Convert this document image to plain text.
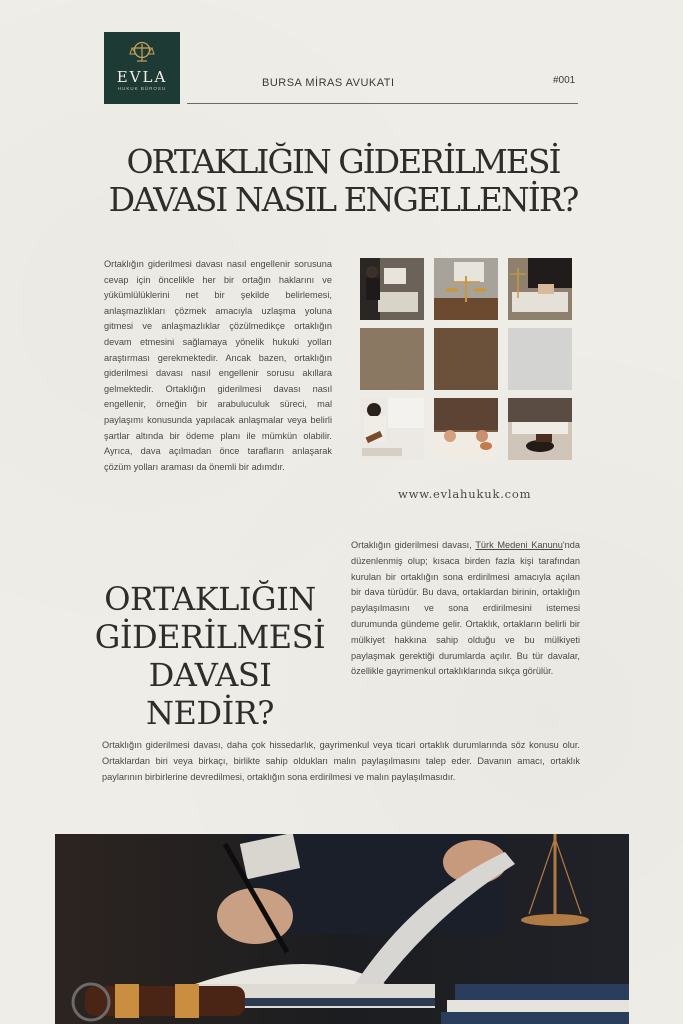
EVLA
HUKUK BÜROSU	BURSA MİRAS AVUKATI	#001
ORTAKLIĞIN GİDERİLMESİ
DAVASI NASIL ENGELLENİR?
Ortaklığın giderilmesi davası nasıl engellenir sorusuna cevap için öncelikle her bir ortağın haklarını ve yükümlülüklerini net bir şekilde belirlemesi, anlaşmazlıkları çözmek amacıyla uzlaşma yoluna gitmesi ve anlaşmazlıklar çözülmedikçe ortaklığın devam etmesini sağlamaya yönelik hukuki yolları araştırması gerekmektedir. Ancak bazen, ortaklığın giderilmesi davası nasıl engellenir sorusu akıllara gelmektedir. Ortaklığın giderilmesi davası nasıl engellenir, örneğin bir arabuluculuk süreci, mal paylaşımı konusunda yapılacak anlaşmalar veya belirli şartlar altında bir ödeme planı ile mümkün olabilir. Ayrıca, dava açılmadan önce tarafların anlaşarak çözüm yolları araması da önemli bir adımdır.
www.evlahukuk.com
ORTAKLIĞIN
GİDERİLMESİ
DAVASI NEDİR?
Ortaklığın giderilmesi davası, Türk Medeni Kanunu'nda düzenlenmiş olup; kısaca birden fazla kişi tarafından kurulan bir ortaklığın sona erdirilmesi amacıyla açılan bir dava türüdür. Bu dava, ortaklardan birinin, ortaklığın paylaşılmasını ve sona erdirilmesini istemesi durumunda gündeme gelir. Ortaklık, ortakların belirli bir mülkiyet hakkına sahip olduğu ve bu mülkiyeti paylaşmak gerektiği durumlarda açılır. Bu tür davalar, özellikle gayrimenkul ortaklıklarında sıkça görülür.
Ortaklığın giderilmesi davası, daha çok hissedarlık, gayrimenkul veya ticari ortaklık durumlarında söz konusu olur. Ortaklardan biri veya birkaçı, birlikte sahip oldukları malın paylaşılmasını talep eder. Davanın amacı, ortaklık paylarının birbirlerine devredilmesi, ortaklığın sona erdirilmesi ve malın paylaşılmasıdır.
